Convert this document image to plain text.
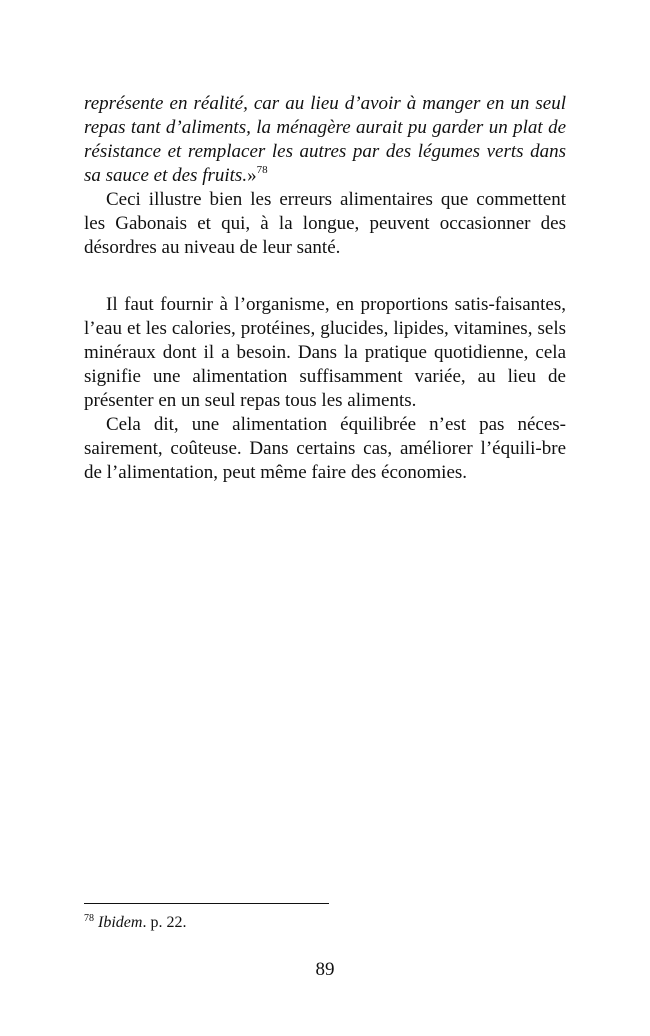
représente en réalité, car au lieu d’avoir à manger en un seul repas tant d’aliments, la ménagère aurait pu garder un plat de résistance et remplacer les autres par des légumes verts dans sa sauce et des fruits.»$^{78}$

Ceci illustre bien les erreurs alimentaires que commettent les Gabonais et qui, à la longue, peuvent occasionner des désordres au niveau de leur santé.

Il faut fournir à l’organisme, en proportions satis-faisantes, l’eau et les calories, protéines, glucides, lipides, vitamines, sels minéraux dont il a besoin. Dans la pratique quotidienne, cela signifie une alimentation suffisamment variée, au lieu de présenter en un seul repas tous les aliments.

Cela dit, une alimentation équilibrée n’est pas néces-sairement, coûteuse. Dans certains cas, améliorer l’équili-bre de l’alimentation, peut même faire des économies.

$^{78}$ Ibidem. p. 22.
89
